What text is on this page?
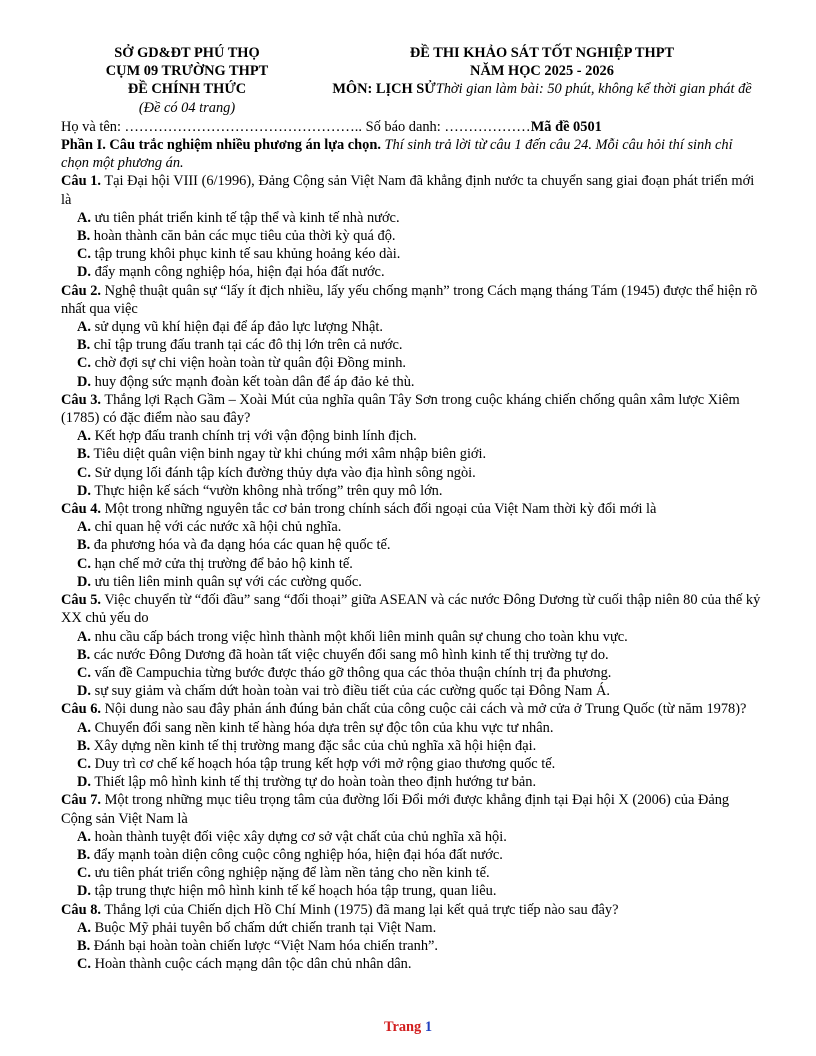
SỞ GD&ĐT PHÚ THỌ
CỤM 09 TRƯỜNG THPT
ĐỀ CHÍNH THỨC
(Đề có 04 trang)
ĐỀ THI KHẢO SÁT TỐT NGHIỆP THPT
NĂM HỌC 2025 - 2026
MÔN: LỊCH SỬThời gian làm bài: 50 phút, không kể thời gian phát đề
Họ và tên: ………………………………………….. Số báo danh: ………………Mã đề 0501
Phần I. Câu trắc nghiệm nhiều phương án lựa chọn. Thí sinh trả lời từ câu 1 đến câu 24. Mỗi câu hỏi thí sinh chỉ chọn một phương án.
Câu 1. Tại Đại hội VIII (6/1996), Đảng Cộng sản Việt Nam đã khẳng định nước ta chuyển sang giai đoạn phát triển mới là
A. ưu tiên phát triển kinh tế tập thể và kinh tế nhà nước.
B. hoàn thành căn bản các mục tiêu của thời kỳ quá độ.
C. tập trung khôi phục kinh tế sau khủng hoảng kéo dài.
D. đẩy mạnh công nghiệp hóa, hiện đại hóa đất nước.
Câu 2. Nghệ thuật quân sự “lấy ít địch nhiều, lấy yếu chống mạnh” trong Cách mạng tháng Tám (1945) được thể hiện rõ nhất qua việc
A. sử dụng vũ khí hiện đại để áp đảo lực lượng Nhật.
B. chỉ tập trung đấu tranh tại các đô thị lớn trên cả nước.
C. chờ đợi sự chi viện hoàn toàn từ quân đội Đồng minh.
D. huy động sức mạnh đoàn kết toàn dân để áp đảo kẻ thù.
Câu 3. Thắng lợi Rạch Gầm – Xoài Mút của nghĩa quân Tây Sơn trong cuộc kháng chiến chống quân xâm lược Xiêm (1785) có đặc điểm nào sau đây?
A. Kết hợp đấu tranh chính trị với vận động binh lính địch.
B. Tiêu diệt quân viện binh ngay từ khi chúng mới xâm nhập biên giới.
C. Sử dụng lối đánh tập kích đường thủy dựa vào địa hình sông ngòi.
D. Thực hiện kế sách “vườn không nhà trống” trên quy mô lớn.
Câu 4. Một trong những nguyên tắc cơ bản trong chính sách đối ngoại của Việt Nam thời kỳ đổi mới là
A. chỉ quan hệ với các nước xã hội chủ nghĩa.
B. đa phương hóa và đa dạng hóa các quan hệ quốc tế.
C. hạn chế mở cửa thị trường để bảo hộ kinh tế.
D. ưu tiên liên minh quân sự với các cường quốc.
Câu 5. Việc chuyển từ “đối đầu” sang “đối thoại” giữa ASEAN và các nước Đông Dương từ cuối thập niên 80 của thế kỷ XX chủ yếu do
A. nhu cầu cấp bách trong việc hình thành một khối liên minh quân sự chung cho toàn khu vực.
B. các nước Đông Dương đã hoàn tất việc chuyển đổi sang mô hình kinh tế thị trường tự do.
C. vấn đề Campuchia từng bước được tháo gỡ thông qua các thỏa thuận chính trị đa phương.
D. sự suy giảm và chấm dứt hoàn toàn vai trò điều tiết của các cường quốc tại Đông Nam Á.
Câu 6. Nội dung nào sau đây phản ánh đúng bản chất của công cuộc cải cách và mở cửa ở Trung Quốc (từ năm 1978)?
A. Chuyển đổi sang nền kinh tế hàng hóa dựa trên sự độc tôn của khu vực tư nhân.
B. Xây dựng nền kinh tế thị trường mang đặc sắc của chủ nghĩa xã hội hiện đại.
C. Duy trì cơ chế kế hoạch hóa tập trung kết hợp với mở rộng giao thương quốc tế.
D. Thiết lập mô hình kinh tế thị trường tự do hoàn toàn theo định hướng tư bản.
Câu 7. Một trong những mục tiêu trọng tâm của đường lối Đổi mới được khẳng định tại Đại hội X (2006) của Đảng Cộng sản Việt Nam là
A. hoàn thành tuyệt đối việc xây dựng cơ sở vật chất của chủ nghĩa xã hội.
B. đẩy mạnh toàn diện công cuộc công nghiệp hóa, hiện đại hóa đất nước.
C. ưu tiên phát triển công nghiệp nặng để làm nền tảng cho nền kinh tế.
D. tập trung thực hiện mô hình kinh tế kế hoạch hóa tập trung, quan liêu.
Câu 8. Thắng lợi của Chiến dịch Hồ Chí Minh (1975) đã mang lại kết quả trực tiếp nào sau đây?
A. Buộc Mỹ phải tuyên bố chấm dứt chiến tranh tại Việt Nam.
B. Đánh bại hoàn toàn chiến lược “Việt Nam hóa chiến tranh”.
C. Hoàn thành cuộc cách mạng dân tộc dân chủ nhân dân.
Trang 1
